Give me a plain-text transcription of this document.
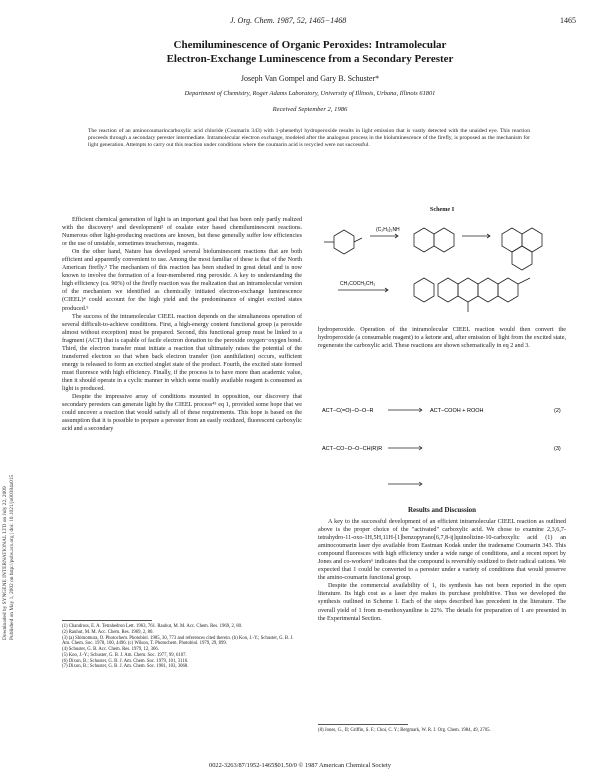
J. Org. Chem. 1987, 52, 1465−1468	1465
Chemiluminescence of Organic Peroxides: Intramolecular
Electron-Exchange Luminescence from a Secondary Perester
Joseph Van Gompel and Gary B. Schuster*
Department of Chemistry, Roger Adams Laboratory, University of Illinois, Urbana, Illinois 61801
Received September 2, 1986
The reaction of an aminocoumarincarboxylic acid chloride (Coumarin 343) with 1-phenethyl hydroperoxide results in light emission that is vastly detected with the unaided eye. This reaction proceeds through a secondary perester intermediate. Intramolecular electron exchange, modeled after the analogous process in the bioluminescence of the firefly, is proposed as the mechanism for light generation. Attempts to carry out this reaction under conditions where the coumarin acid is recycled were not successful.
Downloaded by SYNGENE INTERNATIONAL LTD on July 22, 2009 Published on May 1, 2002 on http://pubs.acs.org | doi: 10.1021/jo00384a015

Efficient chemical generation of light is an important goal that has been only partly realized with the discovery¹ and development² of oxalate ester based chemiluminescent reactions. Numerous other light-producing reactions are known, but these generally suffer low efficiencies or the use of unstable, sometimes treacherous, reagents.

On the other hand, Nature has developed several bioluminescent reactions that are both efficient and apparently convenient to use. Among the most familiar of these is that of the North American firefly.³ The mechanism of this reaction has been studied in great detail and is now known to involve the formation of a four-membered ring peroxide. A key to understanding the high efficiency (ca. 90%) of the firefly reaction was the realization that an intramolecular version of the mechanism we identified as chemically initiated electron-exchange luminescence (CIEEL)⁴ could account for the high yield and the predominance of singlet excited states produced.⁵

The success of the intramolecular CIEEL reaction depends on the simultaneous operation of several difficult-to-achieve conditions. First, a high-energy content functional group (a peroxide almost without exception) must be prepared. Second, this functional group must be linked to a fragment (ACT) that is capable of facile electron donation to the peroxide oxygen−oxygen bond. Third, the electron transfer must initiate a reaction that ultimately raises the potential of the transferred electron so that when back electron transfer (ion annihilation) occurs, sufficient energy is released to form an excited singlet state of the product. Fourth, the excited state formed must fluoresce with high efficiency. Finally, if the process is to have more than academic value, then it should operate in a cyclic manner in which some readily available reagent is consumed as light is produced.

Despite the impressive array of conditions mounted in opposition, our discovery that secondary peresters can generate light by the CIEEL process⁴⁵ eq 1, provided some hope that we could uncover a reaction that would satisfy all of these requirements. This hope is based on the assumption that it is possible to prepare a perester from an easily oxidized, fluorescent carboxylic acid and a secondary

(1) Chandross, E. A. Tetrahedron Lett. 1963, 761. Rauhut, M. M. Acc. Chem. Res. 1969, 2, 80.
(2) Rauhut, M. M. Acc. Chem. Res. 1969, 2, 80.
(3) (a) Shimomura, O. Photochem. Photobiol. 1985, 30, 773 and references cited therein. (b) Koo, J.-Y.; Schuster, G. B. J. Am. Chem. Soc. 1978, 100, 4496. (c) Wilson, T. Photochem. Photobiol. 1979, 29, 899.
(4) Schuster, G. B. Acc. Chem. Res. 1979, 12, 366.
(5) Koo, J.-Y.; Schuster, G. B. J. Am. Chem. Soc. 1977, 99, 6107.
(6) Dixon, B.; Schuster, G. B. J. Am. Chem. Soc. 1979, 101, 3116.
(7) Dixon, B.; Schuster, G. B. J. Am. Chem. Soc. 1981, 103, 3068.
Scheme I
(C₂H₅)₂NH
CH₃COCH₂CH₃
hydroperoxide. Operation of the intramolecular CIEEL reaction would then convert the hydroperoxide (a consumable reagent) to a ketone and, after emission of light from the excited state, regenerate the carboxylic acid. These reactions are shown schematically in eq 2 and 3.
ACT−C(=O)−O−O−R	ACT−COOH + ROOH	(2)
ACT−CO−O−O−CH(R)R	(3)
Results and Discussion

A key to the successful development of an efficient intramolecular CIEEL reaction as outlined above is the proper choice of the "activated" carboxylic acid. We chose to examine 2,3,6,7-tetrahydro-11-oxo-1H,5H,11H-[1]benzopyrano[6,7,8-ij]quinolizine-10-carboxylic acid (1) an aminocoumarin laser dye available from Eastman Kodak under the tradename Coumarin 343. This compound fluoresces with high efficiency under a wide range of conditions, and a recent report by Jones and co-workers⁶ indicates that the compound is reversibly oxidized to their radical cations. We expected that 1 could be converted to a perester under a variety of conditions that would preserve the amino-coumarin functional group.

Despite the commercial availability of 1, its synthesis has not been reported in the open literature. Its high cost as a laser dye makes its purchase prohibitive. Thus we developed the synthesis outlined in Scheme I. Each of the steps described has precedent in the literature. The overall yield of 1 from m-methoxyaniline is 22%. The details for preparation of 1 are presented in the Experimental Section.

(8) Jones, G., II; Griffin, S. F.; Choi, C. Y.; Bergmark, W. R. J. Org. Chem. 1984, 49, 2705.
0022-3263/87/1952-1465$01.50/0 © 1987 American Chemical Society
